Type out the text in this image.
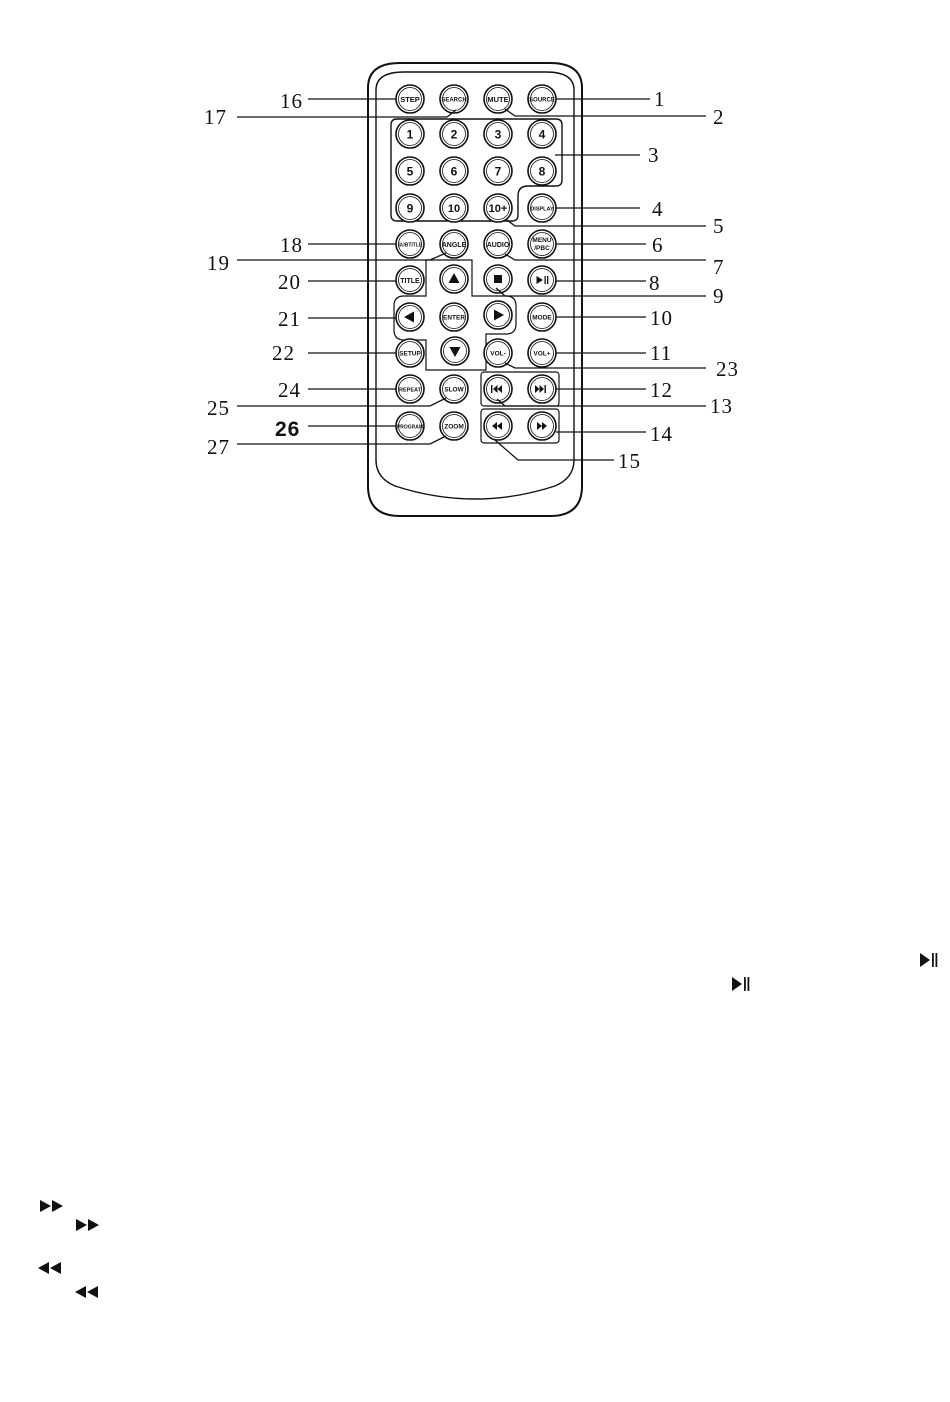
STEP	SEARCH	MUTE	SOURCE
1	2	3	4
5	6	7	8
9	10	10+	DISPLAY
SUBTITLE	ANGLE	AUDIO
MENU
/PBC
TITLE
ENTER	MODE
SETUP	VOL-	VOL+
REPEAT	SLOW
PROGRAM	ZOOM
1
2
3
4
5
6
7
8
9
10
11
23
12
13
14
15
16
17
18
19
20
21
22
24
25
26
27
